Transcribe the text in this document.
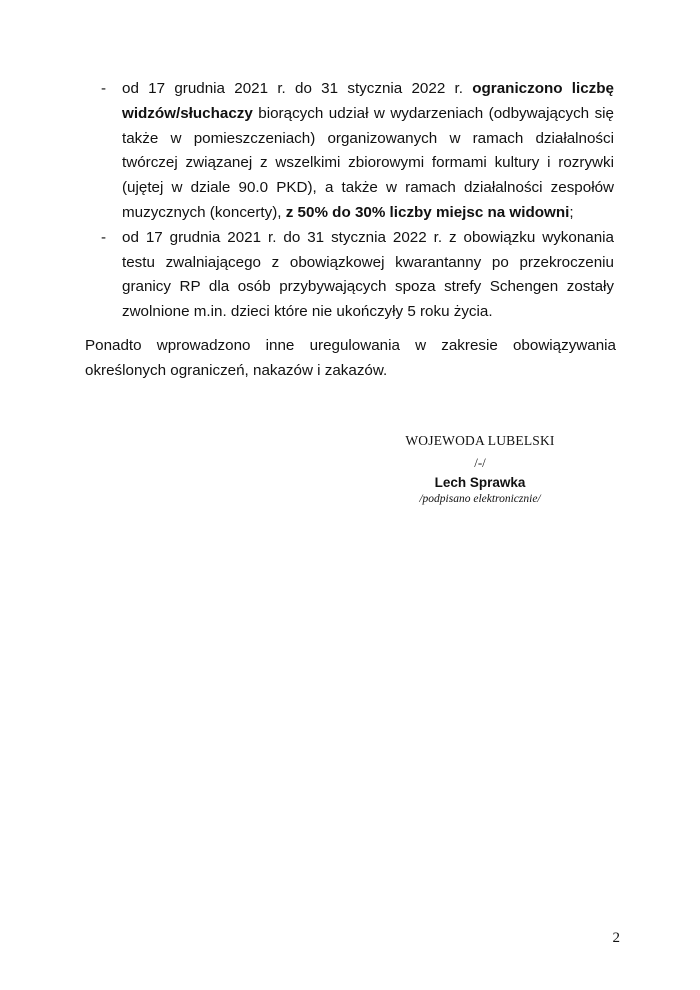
- od 17 grudnia 2021 r. do 31 stycznia 2022 r. ograniczono liczbę widzów/słuchaczy biorących udział w wydarzeniach (odbywających się także w pomieszczeniach) organizowanych w ramach działalności twórczej związanej z wszelkimi zbiorowymi formami kultury i rozrywki (ujętej w dziale 90.0 PKD), a także w ramach działalności zespołów muzycznych (koncerty), z 50% do 30% liczby miejsc na widowni;
- od 17 grudnia 2021 r. do 31 stycznia 2022 r. z obowiązku wykonania testu zwalniającego z obowiązkowej kwarantanny po przekroczeniu granicy RP dla osób przybywających spoza strefy Schengen zostały zwolnione m.in. dzieci które nie ukończyły 5 roku życia.

Ponadto wprowadzono inne uregulowania w zakresie obowiązywania określonych ograniczeń, nakazów i zakazów.

WOJEWODA LUBELSKI
/-/
Lech Sprawka
/podpisano elektronicznie/
2
